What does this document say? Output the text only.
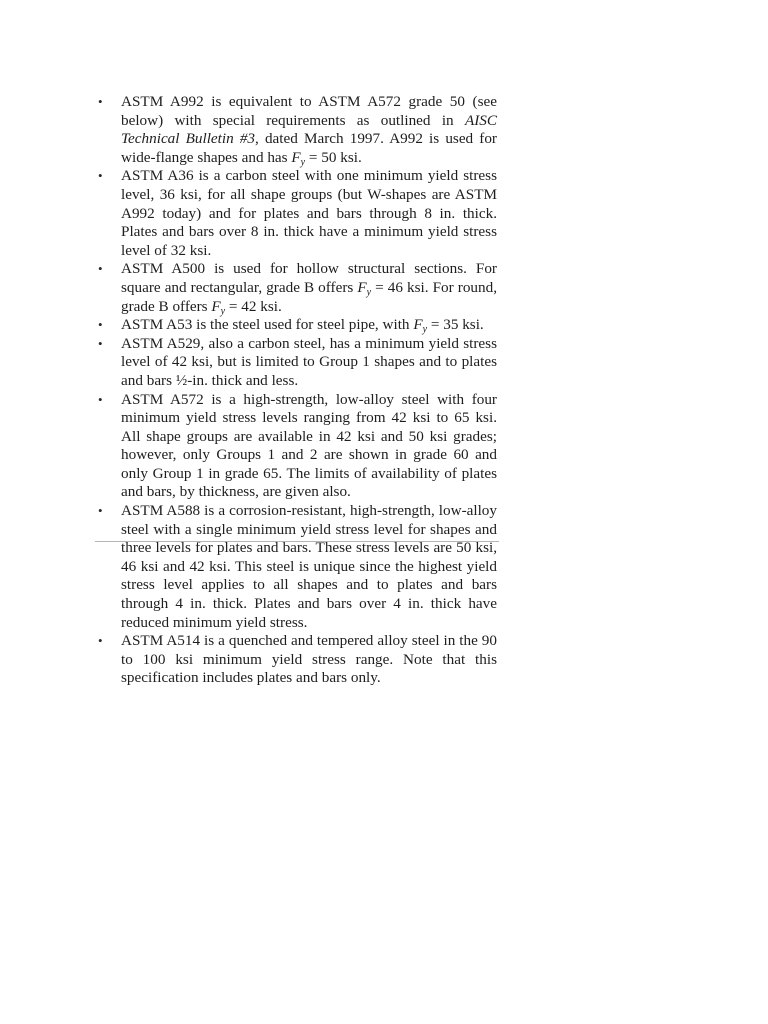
•	ASTM A992 is equivalent to ASTM A572 grade 50 (see below) with special requirements as outlined in AISC Technical Bulletin #3, dated March 1997. A992 is used for wide-flange shapes and has $F_y = 50$ ksi.
•	ASTM A36 is a carbon steel with one minimum yield stress level, 36 ksi, for all shape groups (but W-shapes are ASTM A992 today) and for plates and bars through 8 in. thick. Plates and bars over 8 in. thick have a minimum yield stress level of 32 ksi.
•	ASTM A500 is used for hollow structural sections. For square and rectangular, grade B offers $F_y = 46$ ksi. For round, grade B offers $F_y = 42$ ksi.
•	ASTM A53 is the steel used for steel pipe, with $F_y = 35$ ksi.
•	ASTM A529, also a carbon steel, has a minimum yield stress level of 42 ksi, but is limited to Group 1 shapes and to plates and bars ½-in. thick and less.
•	ASTM A572 is a high-strength, low-alloy steel with four minimum yield stress levels ranging from 42 ksi to 65 ksi. All shape groups are available in 42 ksi and 50 ksi grades; however, only Groups 1 and 2 are shown in grade 60 and only Group 1 in grade 65. The limits of availability of plates and bars, by thickness, are given also.
•	ASTM A588 is a corrosion-resistant, high-strength, low-alloy steel with a single minimum yield stress level for shapes and three levels for plates and bars. These stress levels are 50 ksi, 46 ksi and 42 ksi. This steel is unique since the highest yield stress level applies to all shapes and to plates and bars through 4 in. thick. Plates and bars over 4 in. thick have reduced minimum yield stress.
•	ASTM A514 is a quenched and tempered alloy steel in the 90 to 100 ksi minimum yield stress range. Note that this specification includes plates and bars only.
